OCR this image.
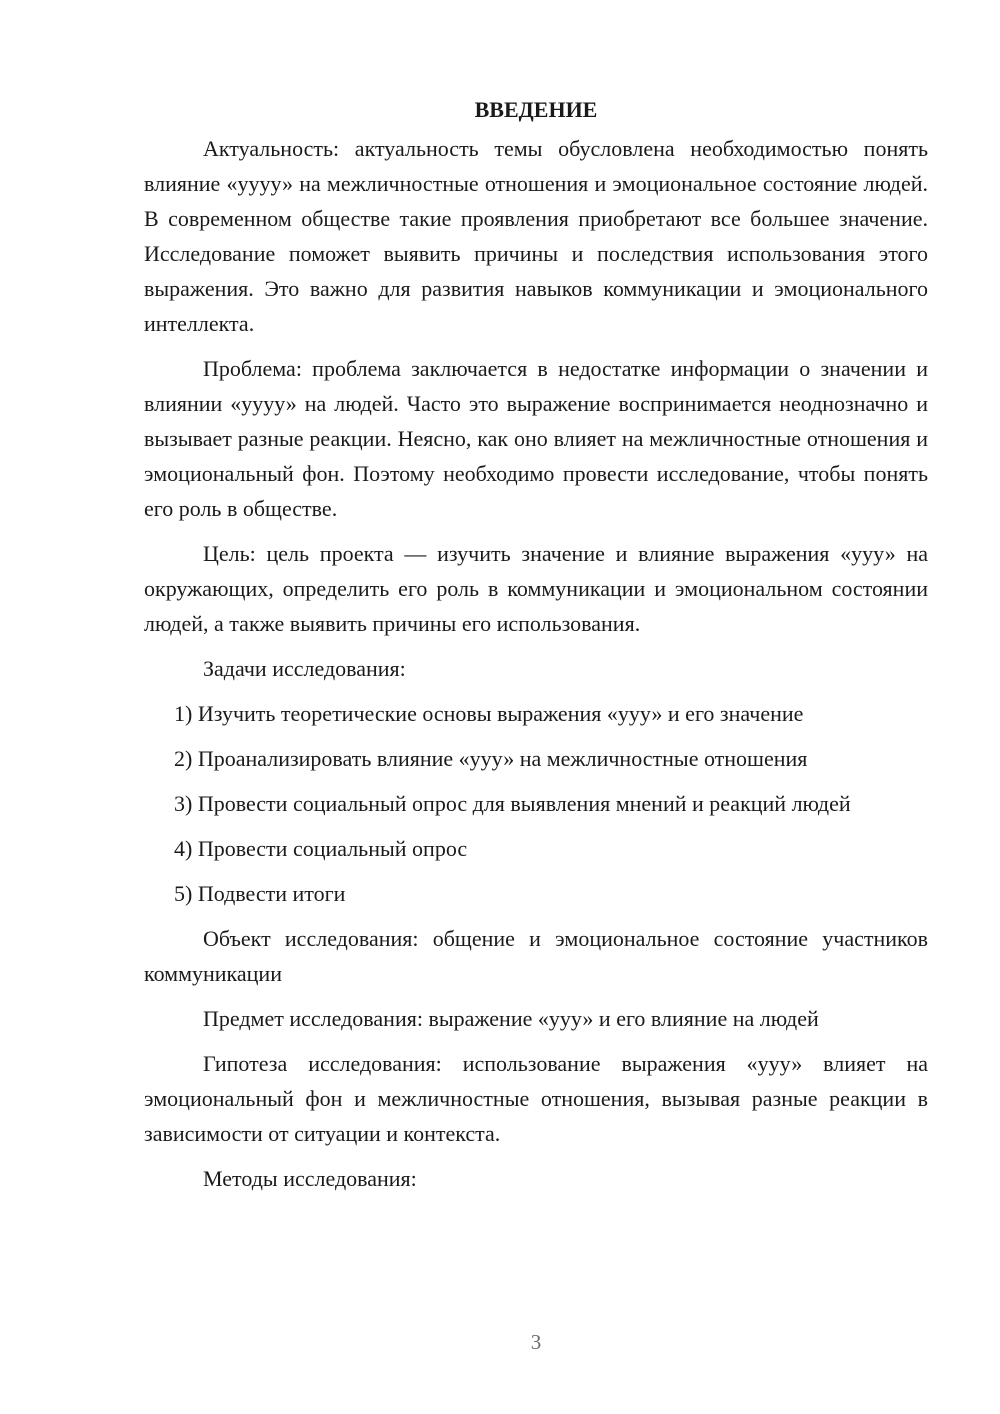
ВВЕДЕНИЕ

Актуальность: актуальность темы обусловлена необходимостью понять влияние «уууу» на межличностные отношения и эмоциональное состояние людей. В современном обществе такие проявления приобретают все большее значение. Исследование поможет выявить причины и последствия использования этого выражения. Это важно для развития навыков коммуникации и эмоционального интеллекта.

Проблема: проблема заключается в недостатке информации о значении и влиянии «уууу» на людей. Часто это выражение воспринимается неоднозначно и вызывает разные реакции. Неясно, как оно влияет на межличностные отношения и эмоциональный фон. Поэтому необходимо провести исследование, чтобы понять его роль в обществе.

Цель: цель проекта — изучить значение и влияние выражения «ууу» на окружающих, определить его роль в коммуникации и эмоциональном состоянии людей, а также выявить причины его использования.

Задачи исследования:

1) Изучить теоретические основы выражения «ууу» и его значение

2) Проанализировать влияние «ууу» на межличностные отношения

3) Провести социальный опрос для выявления мнений и реакций людей

4) Провести социальный опрос

5) Подвести итоги

Объект исследования: общение и эмоциональное состояние участников коммуникации

Предмет исследования: выражение «ууу» и его влияние на людей

Гипотеза исследования: использование выражения «ууу» влияет на эмоциональный фон и межличностные отношения, вызывая разные реакции в зависимости от ситуации и контекста.

Методы исследования:

3
